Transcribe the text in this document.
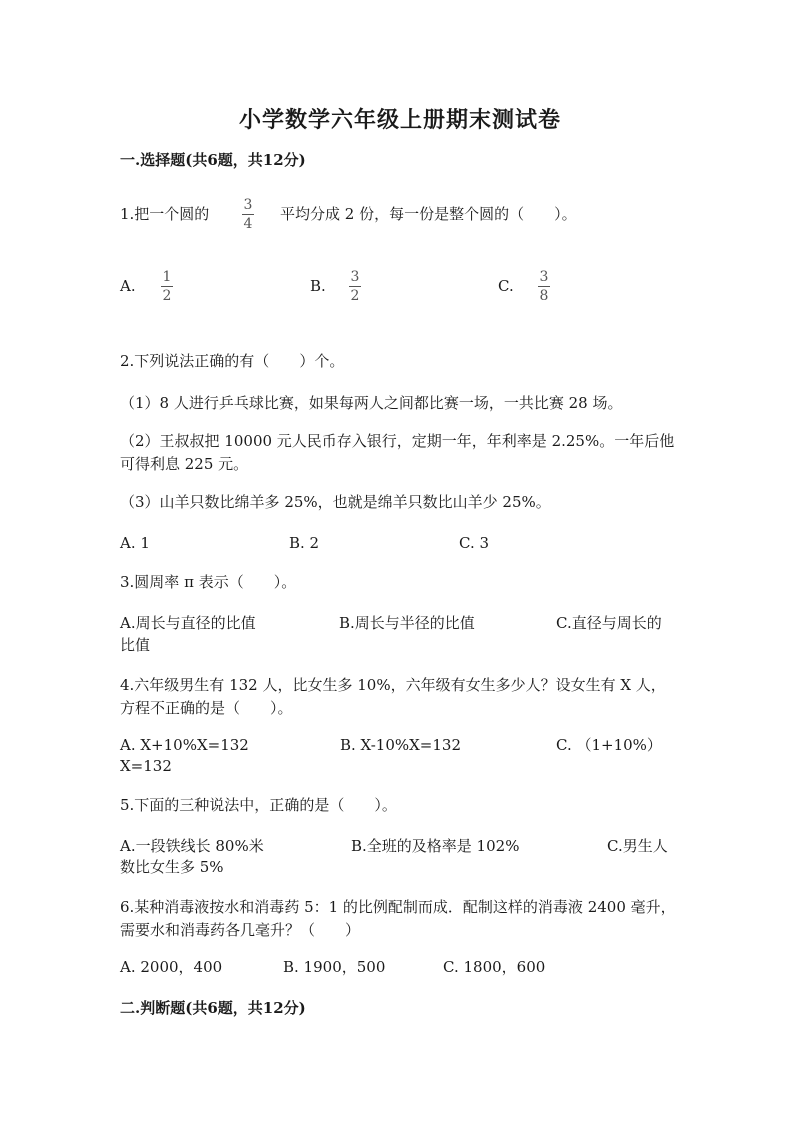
小学数学六年级上册期末测试卷
一.选择题(共6题，共12分)
1.把一个圆的 3
4
平均分成 2 份，每一份是整个圆的（　　）。
A. 1
2
B. 3
2
C. 3
8
2.下列说法正确的有（　　）个。
（1）8 人进行乒乓球比赛，如果每两人之间都比赛一场，一共比赛 28 场。
（2）王叔叔把 10000 元人民币存入银行，定期一年，年利率是 2.25%。一年后他可得利息 225 元。
（3）山羊只数比绵羊多 25%，也就是绵羊只数比山羊少 25%。
A. 1	B. 2	C. 3
3.圆周率 π 表示（　　）。
A.周长与直径的比值	B.周长与半径的比值	C.直径与周长的
比值
4.六年级男生有 132 人，比女生多 10%，六年级有女生多少人？设女生有 X 人，方程不正确的是（　　）。
A. X+10%X=132	B. X-10%X=132	C. （1+10%）
X=132
5.下面的三种说法中，正确的是（　　）。
A.一段铁线长 80%米	B.全班的及格率是 102%	C.男生人
数比女生多 5%
6.某种消毒液按水和消毒药 5：1 的比例配制而成．配制这样的消毒液 2400 毫升，需要水和消毒药各几毫升？（　　）
A. 2000，400	B. 1900，500	C. 1800，600
二.判断题(共6题，共12分)
